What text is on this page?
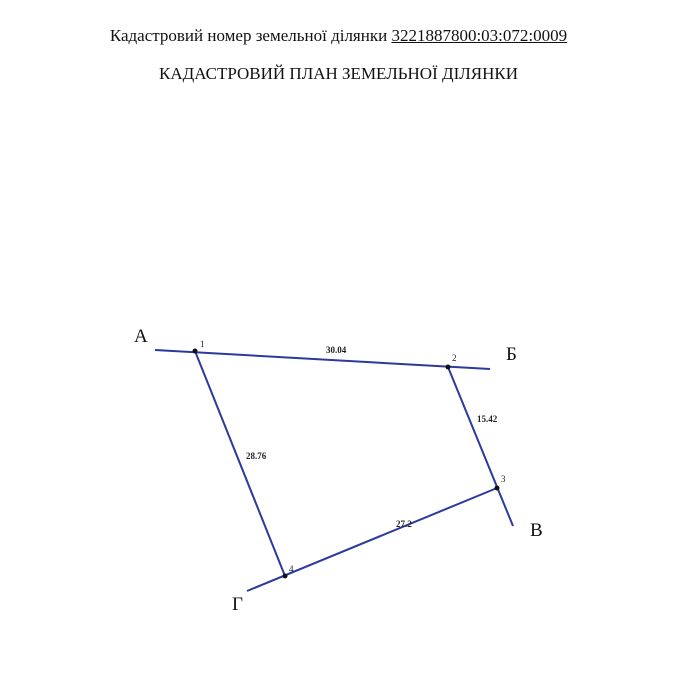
Кадастровий номер земельної ділянки 3221887800:03:072:0009
КАДАСТРОВИЙ ПЛАН ЗЕМЕЛЬНОЇ ДІЛЯНКИ
1
2
3
4
30.04
15.42
27.2
28.76
А
Б
В
Г
